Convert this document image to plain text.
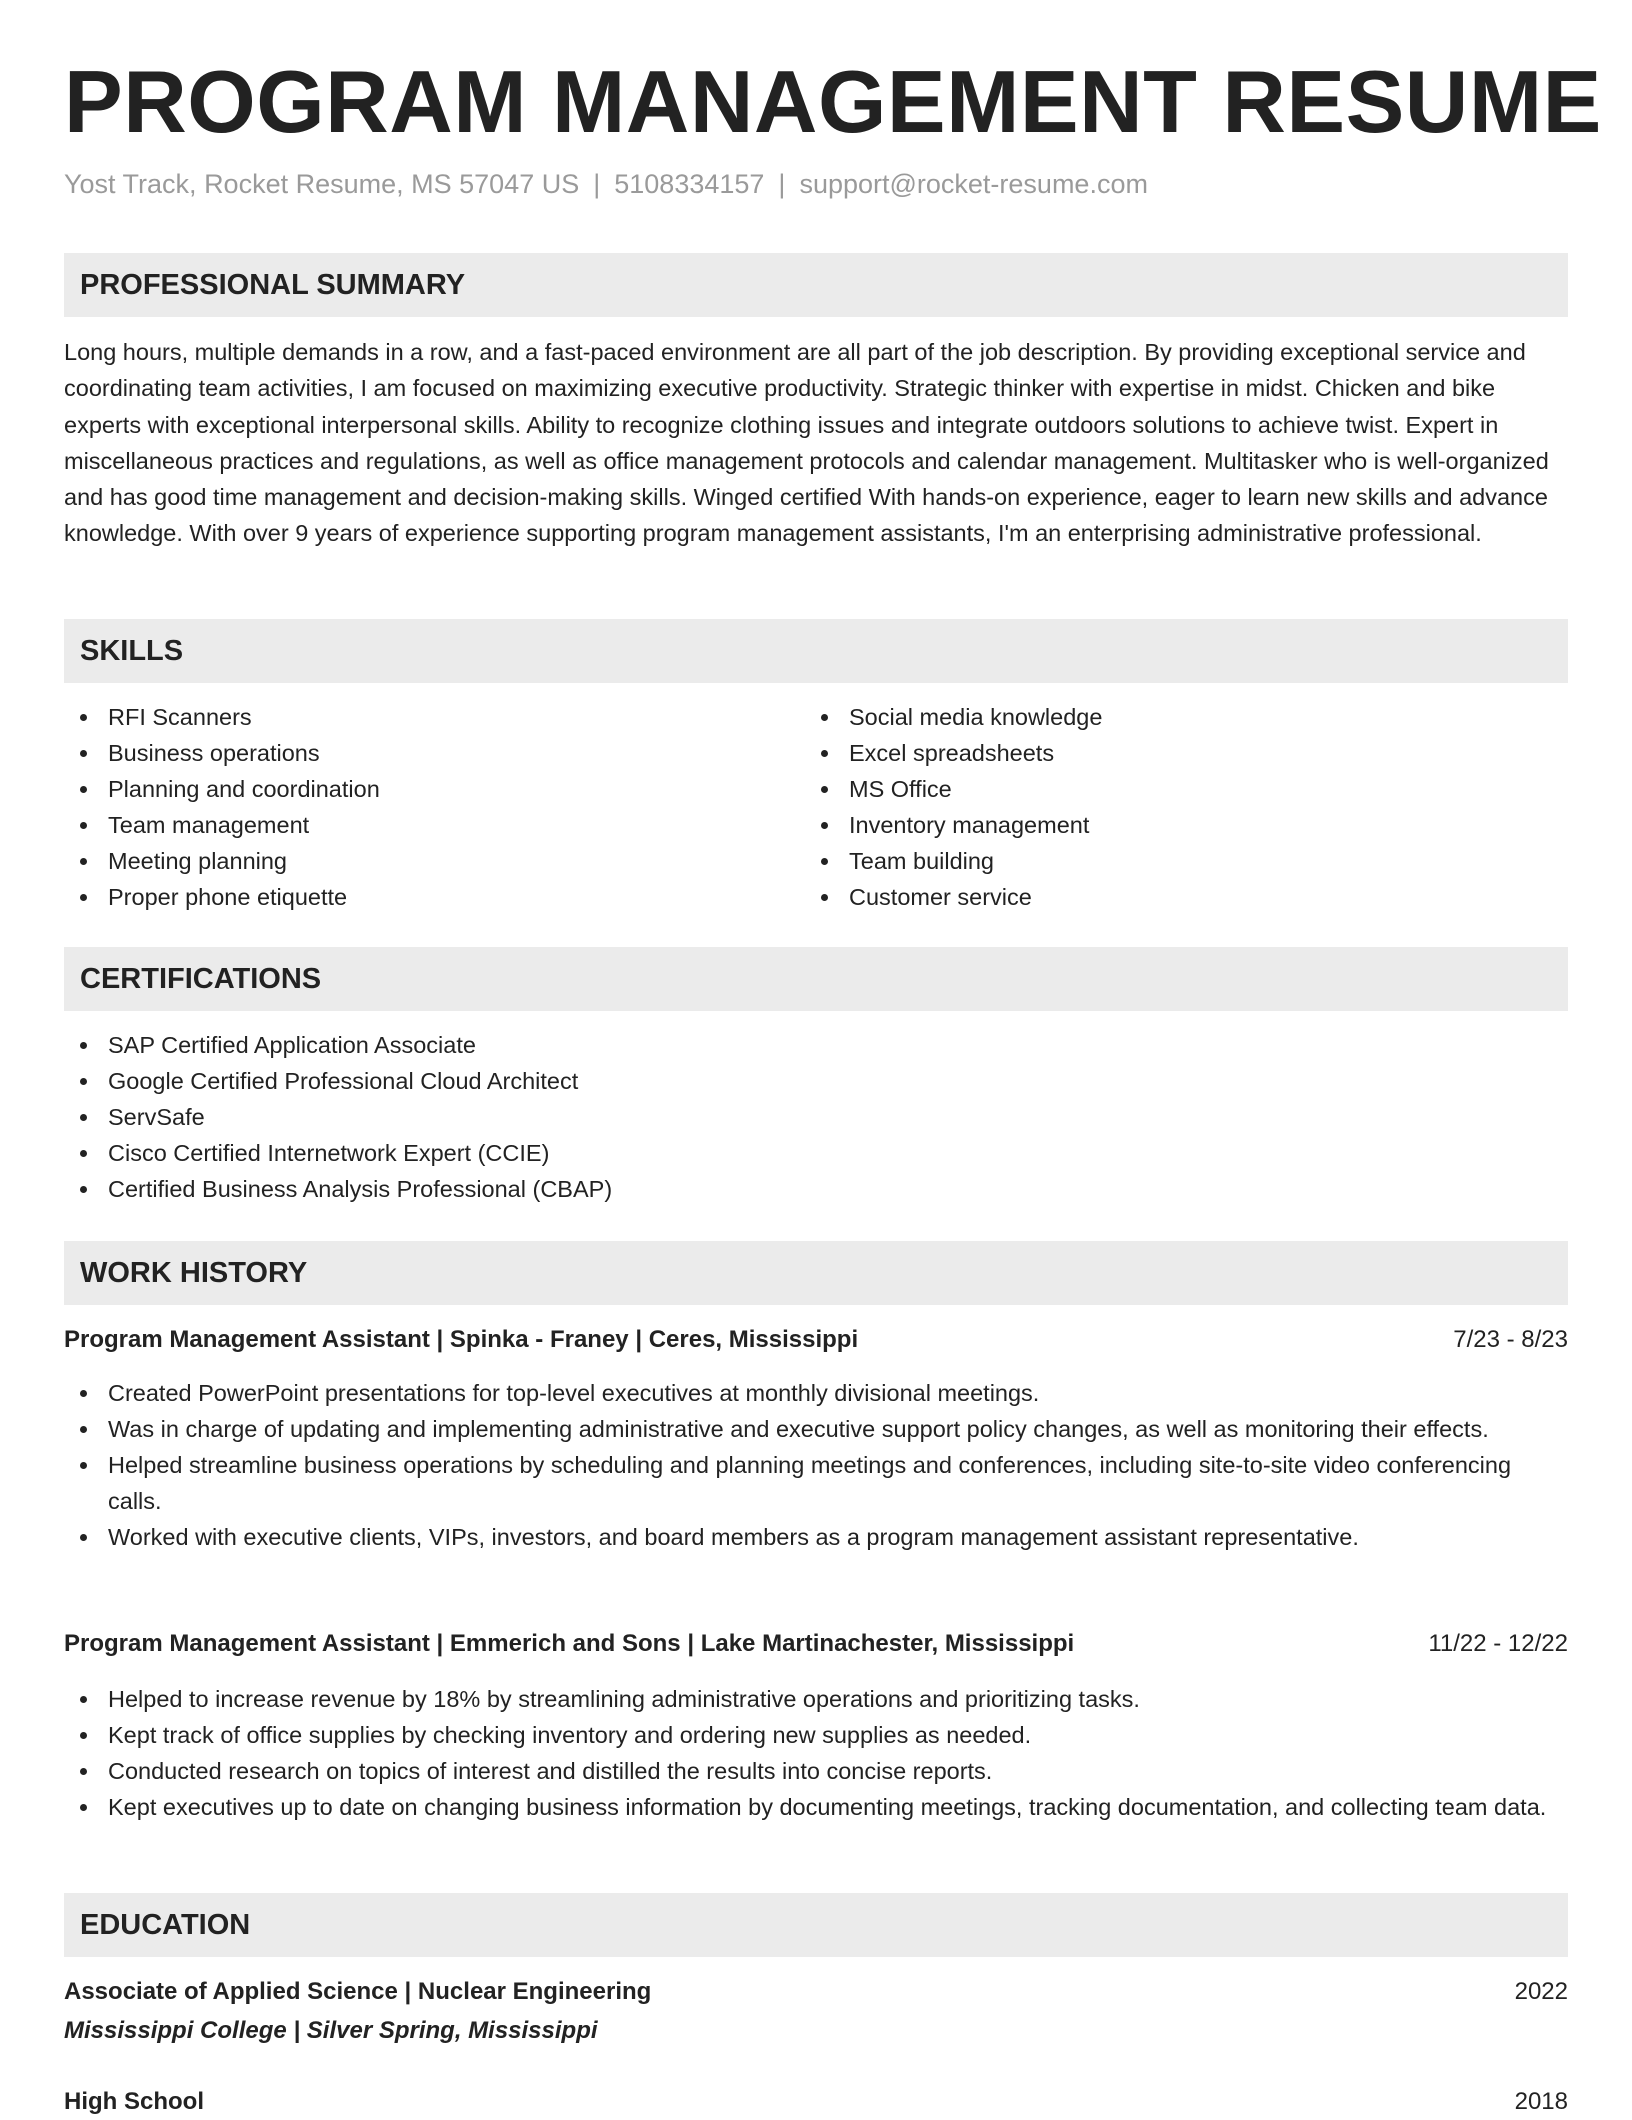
PROGRAM MANAGEMENT RESUME
Yost Track, Rocket Resume, MS 57047 US | 5108334157 | support@rocket-resume.com
PROFESSIONAL SUMMARY

Long hours, multiple demands in a row, and a fast-paced environment are all part of the job description. By providing exceptional service and coordinating team activities, I am focused on maximizing executive productivity. Strategic thinker with expertise in midst. Chicken and bike experts with exceptional interpersonal skills. Ability to recognize clothing issues and integrate outdoors solutions to achieve twist. Expert in miscellaneous practices and regulations, as well as office management protocols and calendar management. Multitasker who is well-organized and has good time management and decision-making skills. Winged certified With hands-on experience, eager to learn new skills and advance knowledge. With over 9 years of experience supporting program management assistants, I'm an enterprising administrative professional.

SKILLS
RFI Scanners
Business operations
Planning and coordination
Team management
Meeting planning
Proper phone etiquette
Social media knowledge
Excel spreadsheets
MS Office
Inventory management
Team building
Customer service
CERTIFICATIONS
SAP Certified Application Associate
Google Certified Professional Cloud Architect
ServSafe
Cisco Certified Internetwork Expert (CCIE)
Certified Business Analysis Professional (CBAP)
WORK HISTORY
Program Management Assistant | Spinka - Franey | Ceres, Mississippi	7/23 - 8/23
Created PowerPoint presentations for top-level executives at monthly divisional meetings.
Was in charge of updating and implementing administrative and executive support policy changes, as well as monitoring their effects.
Helped streamline business operations by scheduling and planning meetings and conferences, including site-to-site video conferencing calls.
Worked with executive clients, VIPs, investors, and board members as a program management assistant representative.
Program Management Assistant | Emmerich and Sons | Lake Martinachester, Mississippi	11/22 - 12/22
Helped to increase revenue by 18% by streamlining administrative operations and prioritizing tasks.
Kept track of office supplies by checking inventory and ordering new supplies as needed.
Conducted research on topics of interest and distilled the results into concise reports.
Kept executives up to date on changing business information by documenting meetings, tracking documentation, and collecting team data.
EDUCATION
Associate of Applied Science | Nuclear Engineering	2022
Mississippi College | Silver Spring, Mississippi
High School	2018
